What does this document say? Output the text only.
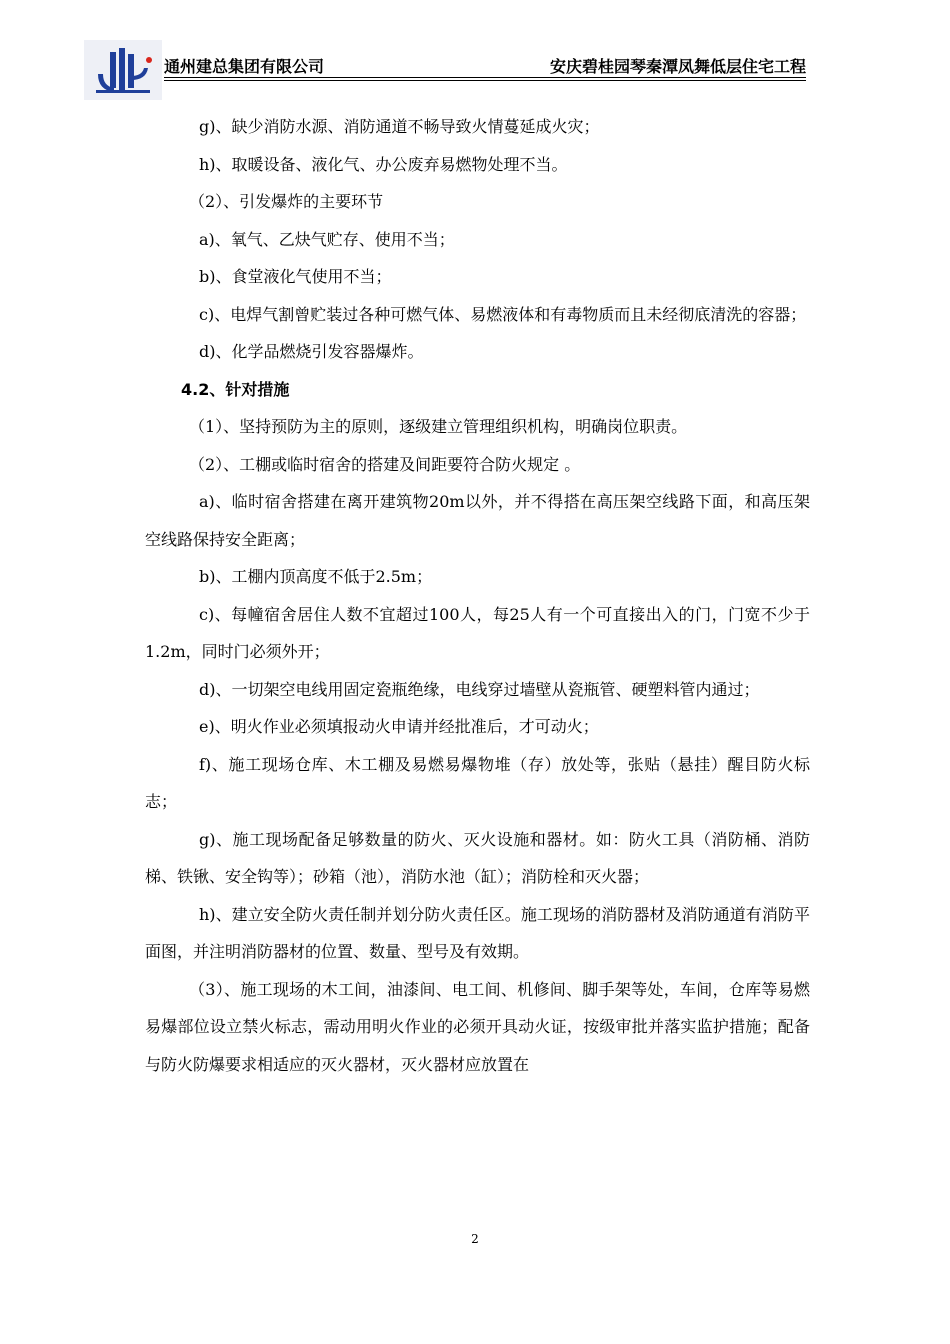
通州建总集团有限公司	安庆碧桂园琴秦潭凤舞低层住宅工程

g)、缺少消防水源、消防通道不畅导致火情蔓延成火灾；

h)、取暖设备、液化气、办公废弃易燃物处理不当。

（2）、引发爆炸的主要环节

a)、氧气、乙炔气贮存、使用不当；

b)、食堂液化气使用不当；

c)、电焊气割曾贮装过各种可燃气体、易燃液体和有毒物质而且未经彻底清洗的容器；

d)、化学品燃烧引发容器爆炸。

4.2、针对措施

（1）、坚持预防为主的原则，逐级建立管理组织机构，明确岗位职责。

（2）、工棚或临时宿舍的搭建及间距要符合防火规定 。

a)、临时宿舍搭建在离开建筑物20m以外，并不得搭在高压架空线路下面，和高压架空线路保持安全距离；

b)、工棚内顶高度不低于2.5m；

c)、每幢宿舍居住人数不宜超过100人，每25人有一个可直接出入的门，门宽不少于1.2m，同时门必须外开；

d)、一切架空电线用固定瓷瓶绝缘，电线穿过墙壁从瓷瓶管、硬塑料管内通过；

e)、明火作业必须填报动火申请并经批准后，才可动火；

f)、施工现场仓库、木工棚及易燃易爆物堆（存）放处等，张贴（悬挂）醒目防火标志；

g)、施工现场配备足够数量的防火、灭火设施和器材。如：防火工具（消防桶、消防梯、铁锹、安全钩等）；砂箱（池），消防水池（缸）；消防栓和灭火器；

h)、建立安全防火责任制并划分防火责任区。施工现场的消防器材及消防通道有消防平面图，并注明消防器材的位置、数量、型号及有效期。

（3）、施工现场的木工间，油漆间、电工间、机修间、脚手架等处，车间，仓库等易燃易爆部位设立禁火标志，需动用明火作业的必须开具动火证，按级审批并落实监护措施；配备与防火防爆要求相适应的灭火器材，灭火器材应放置在

2
